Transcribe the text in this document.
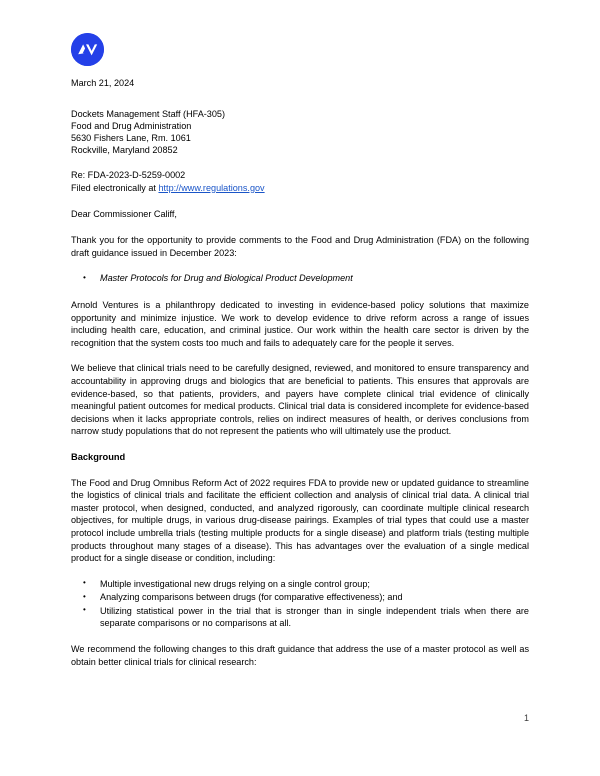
March 21, 2024
Dockets Management Staff (HFA-305)
Food and Drug Administration
5630 Fishers Lane, Rm. 1061
Rockville, Maryland 20852
Re: FDA-2023-D-5259-0002
Filed electronically at http://www.regulations.gov
Dear Commissioner Califf,

Thank you for the opportunity to provide comments to the Food and Drug Administration (FDA) on the following draft guidance issued in December 2023:

• Master Protocols for Drug and Biological Product Development

Arnold Ventures is a philanthropy dedicated to investing in evidence-based policy solutions that maximize opportunity and minimize injustice. We work to develop evidence to drive reform across a range of issues including health care, education, and criminal justice. Our work within the health care sector is driven by the recognition that the system costs too much and fails to adequately care for the people it serves.

We believe that clinical trials need to be carefully designed, reviewed, and monitored to ensure transparency and accountability in approving drugs and biologics that are beneficial to patients. This ensures that approvals are evidence-based, so that patients, providers, and payers have complete clinical trial evidence of clinically meaningful patient outcomes for medical products. Clinical trial data is considered incomplete for evidence-based decisions when it lacks appropriate controls, relies on indirect measures of health, or derives conclusions from narrow study populations that do not represent the patients who will ultimately use the product.

Background

The Food and Drug Omnibus Reform Act of 2022 requires FDA to provide new or updated guidance to streamline the logistics of clinical trials and facilitate the efficient collection and analysis of clinical trial data. A clinical trial master protocol, when designed, conducted, and analyzed rigorously, can coordinate multiple clinical research objectives, for multiple drugs, in various drug-disease pairings. Examples of trial types that could use a master protocol include umbrella trials (testing multiple products for a single disease) and platform trials (testing multiple products throughout many stages of a disease). This has advantages over the evaluation of a single medical product for a single disease or condition, including:

• Multiple investigational new drugs relying on a single control group;
• Analyzing comparisons between drugs (for comparative effectiveness); and
• Utilizing statistical power in the trial that is stronger than in single independent trials when there are separate comparisons or no comparisons at all.

We recommend the following changes to this draft guidance that address the use of a master protocol as well as obtain better clinical trials for clinical research:

1
